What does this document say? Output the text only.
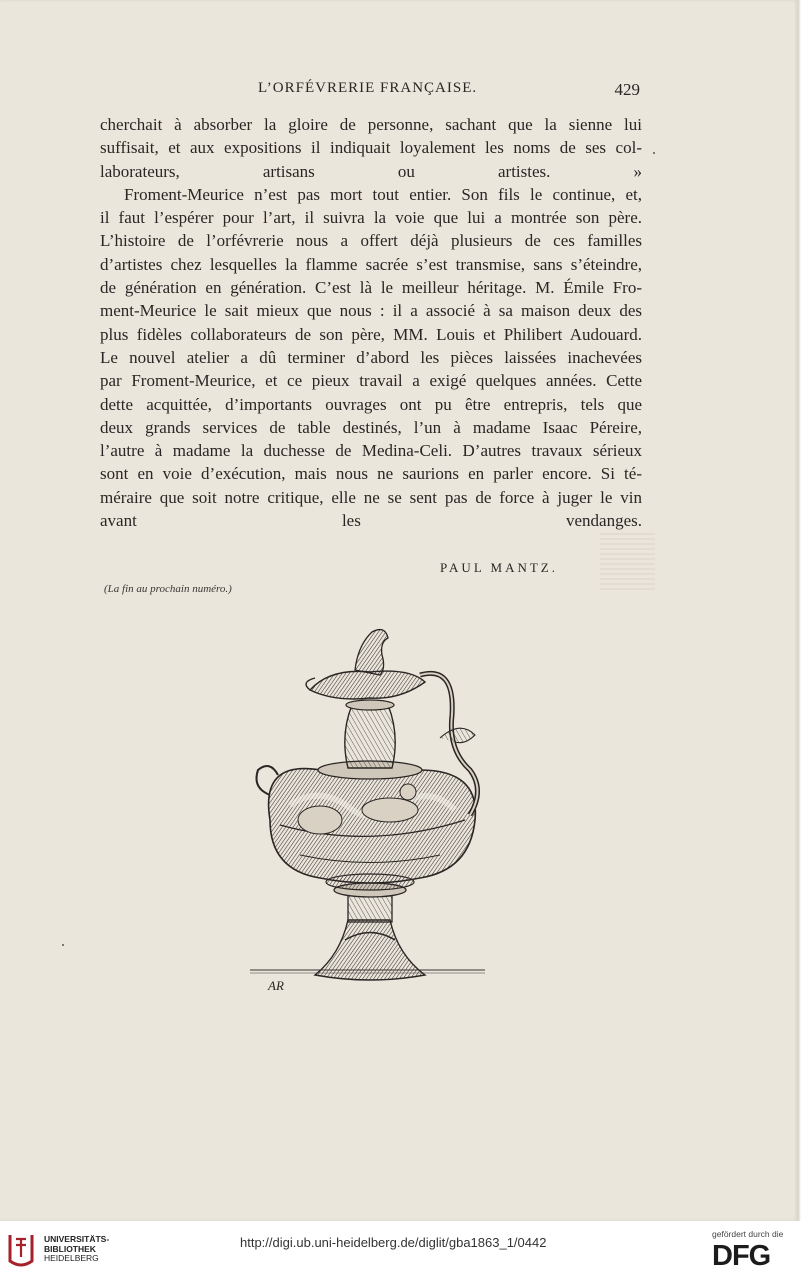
L’ORFÉVRERIE FRANÇAISE.	429

cherchait à absorber la gloire de personne, sachant que la sienne lui
suffisait, et aux expositions il indiquait loyalement les noms de ses col-
laborateurs, artisans ou artistes. »

Froment-Meurice n’est pas mort tout entier. Son fils le continue, et,
il faut l’espérer pour l’art, il suivra la voie que lui a montrée son père.
L’histoire de l’orfévrerie nous a offert déjà plusieurs de ces familles
d’artistes chez lesquelles la flamme sacrée s’est transmise, sans s’éteindre,
de génération en génération. C’est là le meilleur héritage. M. Émile Fro-
ment-Meurice le sait mieux que nous : il a associé à sa maison deux des
plus fidèles collaborateurs de son père, MM. Louis et Philibert Audouard.
Le nouvel atelier a dû terminer d’abord les pièces laissées inachevées
par Froment-Meurice, et ce pieux travail a exigé quelques années. Cette
dette acquittée, d’importants ouvrages ont pu être entrepris, tels que
deux grands services de table destinés, l’un à madame Isaac Péreire,
l’autre à madame la duchesse de Medina-Celi. D’autres travaux sérieux
sont en voie d’exécution, mais nous ne saurions en parler encore. Si té-
méraire que soit notre critique, elle ne se sent pas de force à juger le vin
avant les vendanges.

PAUL MANTZ.
(La fin au prochain numéro.)
AR
UNIVERSITÄTS-
BIBLIOTHEK
HEIDELBERG
http://digi.ub.uni-heidelberg.de/diglit/gba1863_1/0442
gefördert durch die
DFG
